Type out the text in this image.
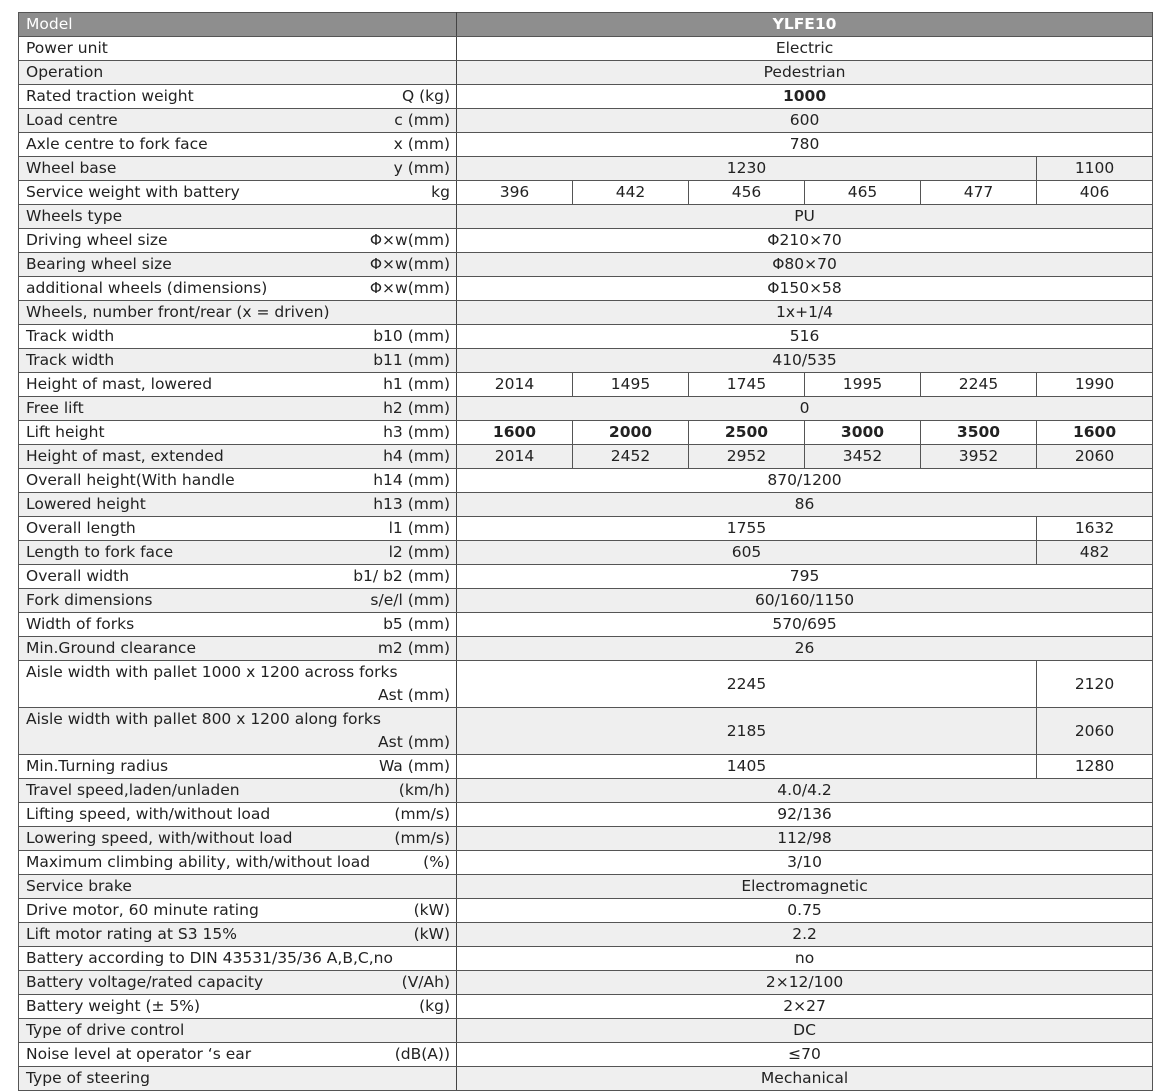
Model	YLFE10					

Power unit	Electric					

Operation	Pedestrian					

Rated traction weight Q (kg)	1000					

Load centre c (mm)	600					

Axle centre to fork face x (mm)	780					

Wheel base y (mm)	1230					1100

Service weight with battery kg	396	442	456	465	477	406

Wheels type	PU					

Driving wheel size Φ×w(mm)	Φ210×70					

Bearing wheel size Φ×w(mm)	Φ80×70					

additional wheels (dimensions) Φ×w(mm)	Φ150×58					

Wheels, number front/rear (x = driven)	1x+1/4					

Track width b10 (mm)	516					

Track width b11 (mm)	410/535					

Height of mast, lowered h1 (mm)	2014	1495	1745	1995	2245	1990

Free lift h2 (mm)	0					

Lift height h3 (mm)	1600	2000	2500	3000	3500	1600

Height of mast, extended h4 (mm)	2014	2452	2952	3452	3952	2060

Overall height(With handle h14 (mm)	870/1200					

Lowered height h13 (mm)	86					

Overall length l1 (mm)	1755					1632

Length to fork face l2 (mm)	605					482

Overall width b1/ b2 (mm)	795					

Fork dimensions s/e/l (mm)	60/160/1150					

Width of forks b5 (mm)	570/695					

Min.Ground clearance m2 (mm)	26					

Aisle width with pallet 1000 x 1200 across forks
Ast (mm)	2245					2120

Aisle width with pallet 800 x 1200 along forks
Ast (mm)	2185					2060

Min.Turning radius Wa (mm)	1405					1280

Travel speed,laden/unladen (km/h)	4.0/4.2					

Lifting speed, with/without load (mm/s)	92/136					

Lowering speed, with/without load (mm/s)	112/98					

Maximum climbing ability, with/without load (%)	3/10					

Service brake	Electromagnetic					

Drive motor, 60 minute rating (kW)	0.75					

Lift motor rating at S3 15% (kW)	2.2					

Battery according to DIN 43531/35/36 A,B,C,no	no					

Battery voltage/rated capacity (V/Ah)	2×12/100					

Battery weight (± 5%) (kg)	2×27					

Type of drive control	DC					

Noise level at operator ‘s ear (dB(A))	≤70					

Type of steering	Mechanical					
